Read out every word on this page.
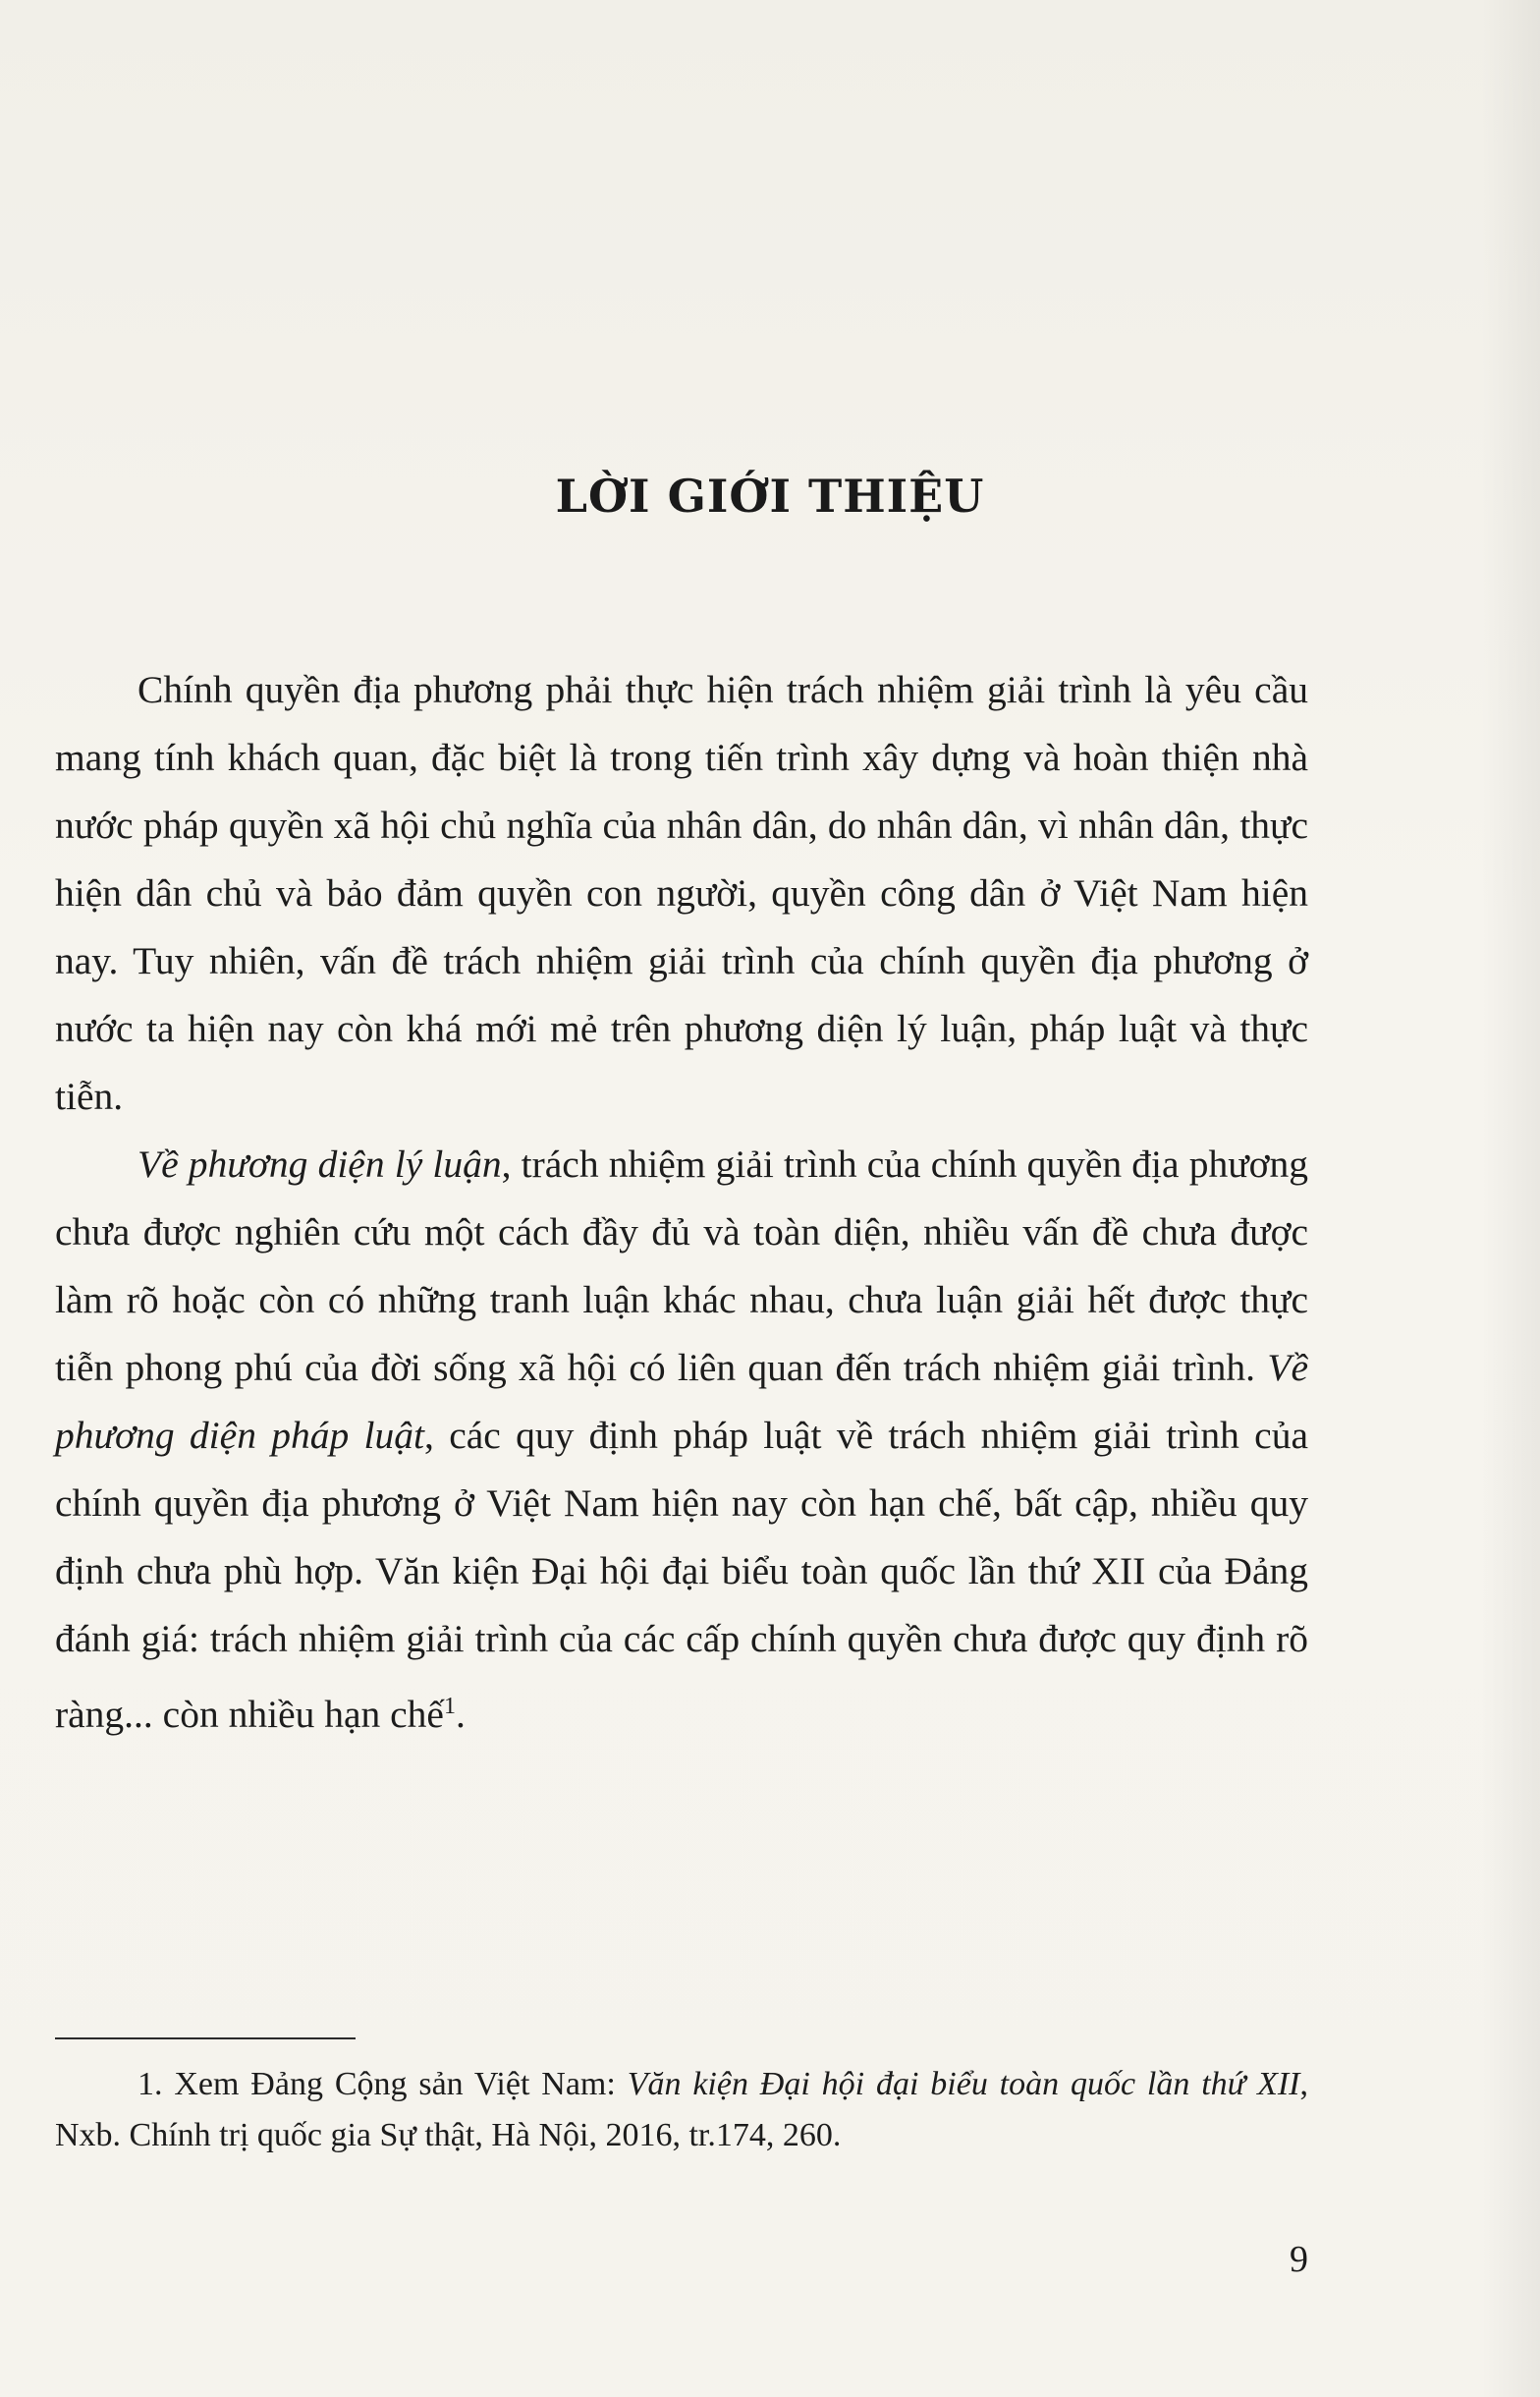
LỜI GIỚI THIỆU

Chính quyền địa phương phải thực hiện trách nhiệm giải trình là yêu cầu mang tính khách quan, đặc biệt là trong tiến trình xây dựng và hoàn thiện nhà nước pháp quyền xã hội chủ nghĩa của nhân dân, do nhân dân, vì nhân dân, thực hiện dân chủ và bảo đảm quyền con người, quyền công dân ở Việt Nam hiện nay. Tuy nhiên, vấn đề trách nhiệm giải trình của chính quyền địa phương ở nước ta hiện nay còn khá mới mẻ trên phương diện lý luận, pháp luật và thực tiễn.

Về phương diện lý luận, trách nhiệm giải trình của chính quyền địa phương chưa được nghiên cứu một cách đầy đủ và toàn diện, nhiều vấn đề chưa được làm rõ hoặc còn có những tranh luận khác nhau, chưa luận giải hết được thực tiễn phong phú của đời sống xã hội có liên quan đến trách nhiệm giải trình. Về phương diện pháp luật, các quy định pháp luật về trách nhiệm giải trình của chính quyền địa phương ở Việt Nam hiện nay còn hạn chế, bất cập, nhiều quy định chưa phù hợp. Văn kiện Đại hội đại biểu toàn quốc lần thứ XII của Đảng đánh giá: trách nhiệm giải trình của các cấp chính quyền chưa được quy định rõ ràng... còn nhiều hạn chế$^1$.

1. Xem Đảng Cộng sản Việt Nam: Văn kiện Đại hội đại biểu toàn quốc lần thứ XII, Nxb. Chính trị quốc gia Sự thật, Hà Nội, 2016, tr.174, 260.
9
